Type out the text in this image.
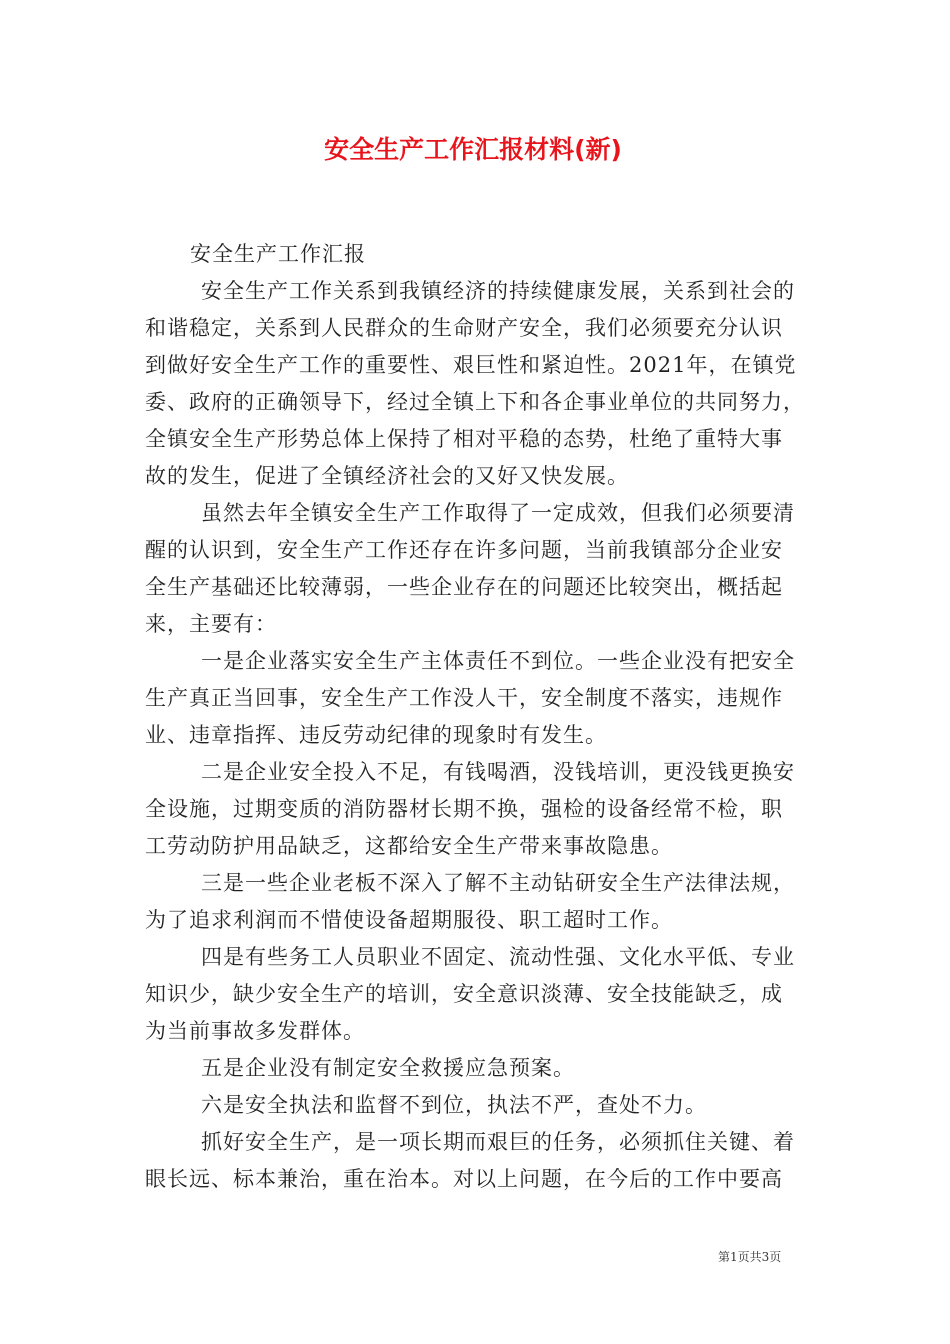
安全生产工作汇报材料(新)
安全生产工作汇报
安全生产工作关系到我镇经济的持续健康发展，关系到社会的
和谐稳定，关系到人民群众的生命财产安全，我们必须要充分认识
到做好安全生产工作的重要性、艰巨性和紧迫性。2021年，在镇党
委、政府的正确领导下，经过全镇上下和各企事业单位的共同努力，
全镇安全生产形势总体上保持了相对平稳的态势，杜绝了重特大事
故的发生，促进了全镇经济社会的又好又快发展。
虽然去年全镇安全生产工作取得了一定成效，但我们必须要清
醒的认识到，安全生产工作还存在许多问题，当前我镇部分企业安
全生产基础还比较薄弱，一些企业存在的问题还比较突出，概括起
来，主要有：
一是企业落实安全生产主体责任不到位。一些企业没有把安全
生产真正当回事，安全生产工作没人干，安全制度不落实，违规作
业、违章指挥、违反劳动纪律的现象时有发生。
二是企业安全投入不足，有钱喝酒，没钱培训，更没钱更换安
全设施，过期变质的消防器材长期不换，强检的设备经常不检，职
工劳动防护用品缺乏，这都给安全生产带来事故隐患。
三是一些企业老板不深入了解不主动钻研安全生产法律法规，
为了追求利润而不惜使设备超期服役、职工超时工作。
四是有些务工人员职业不固定、流动性强、文化水平低、专业
知识少，缺少安全生产的培训，安全意识淡薄、安全技能缺乏，成
为当前事故多发群体。
五是企业没有制定安全救援应急预案。
六是安全执法和监督不到位，执法不严，查处不力。
抓好安全生产，是一项长期而艰巨的任务，必须抓住关键、着
眼长远、标本兼治，重在治本。对以上问题，在今后的工作中要高
第1页共3页
